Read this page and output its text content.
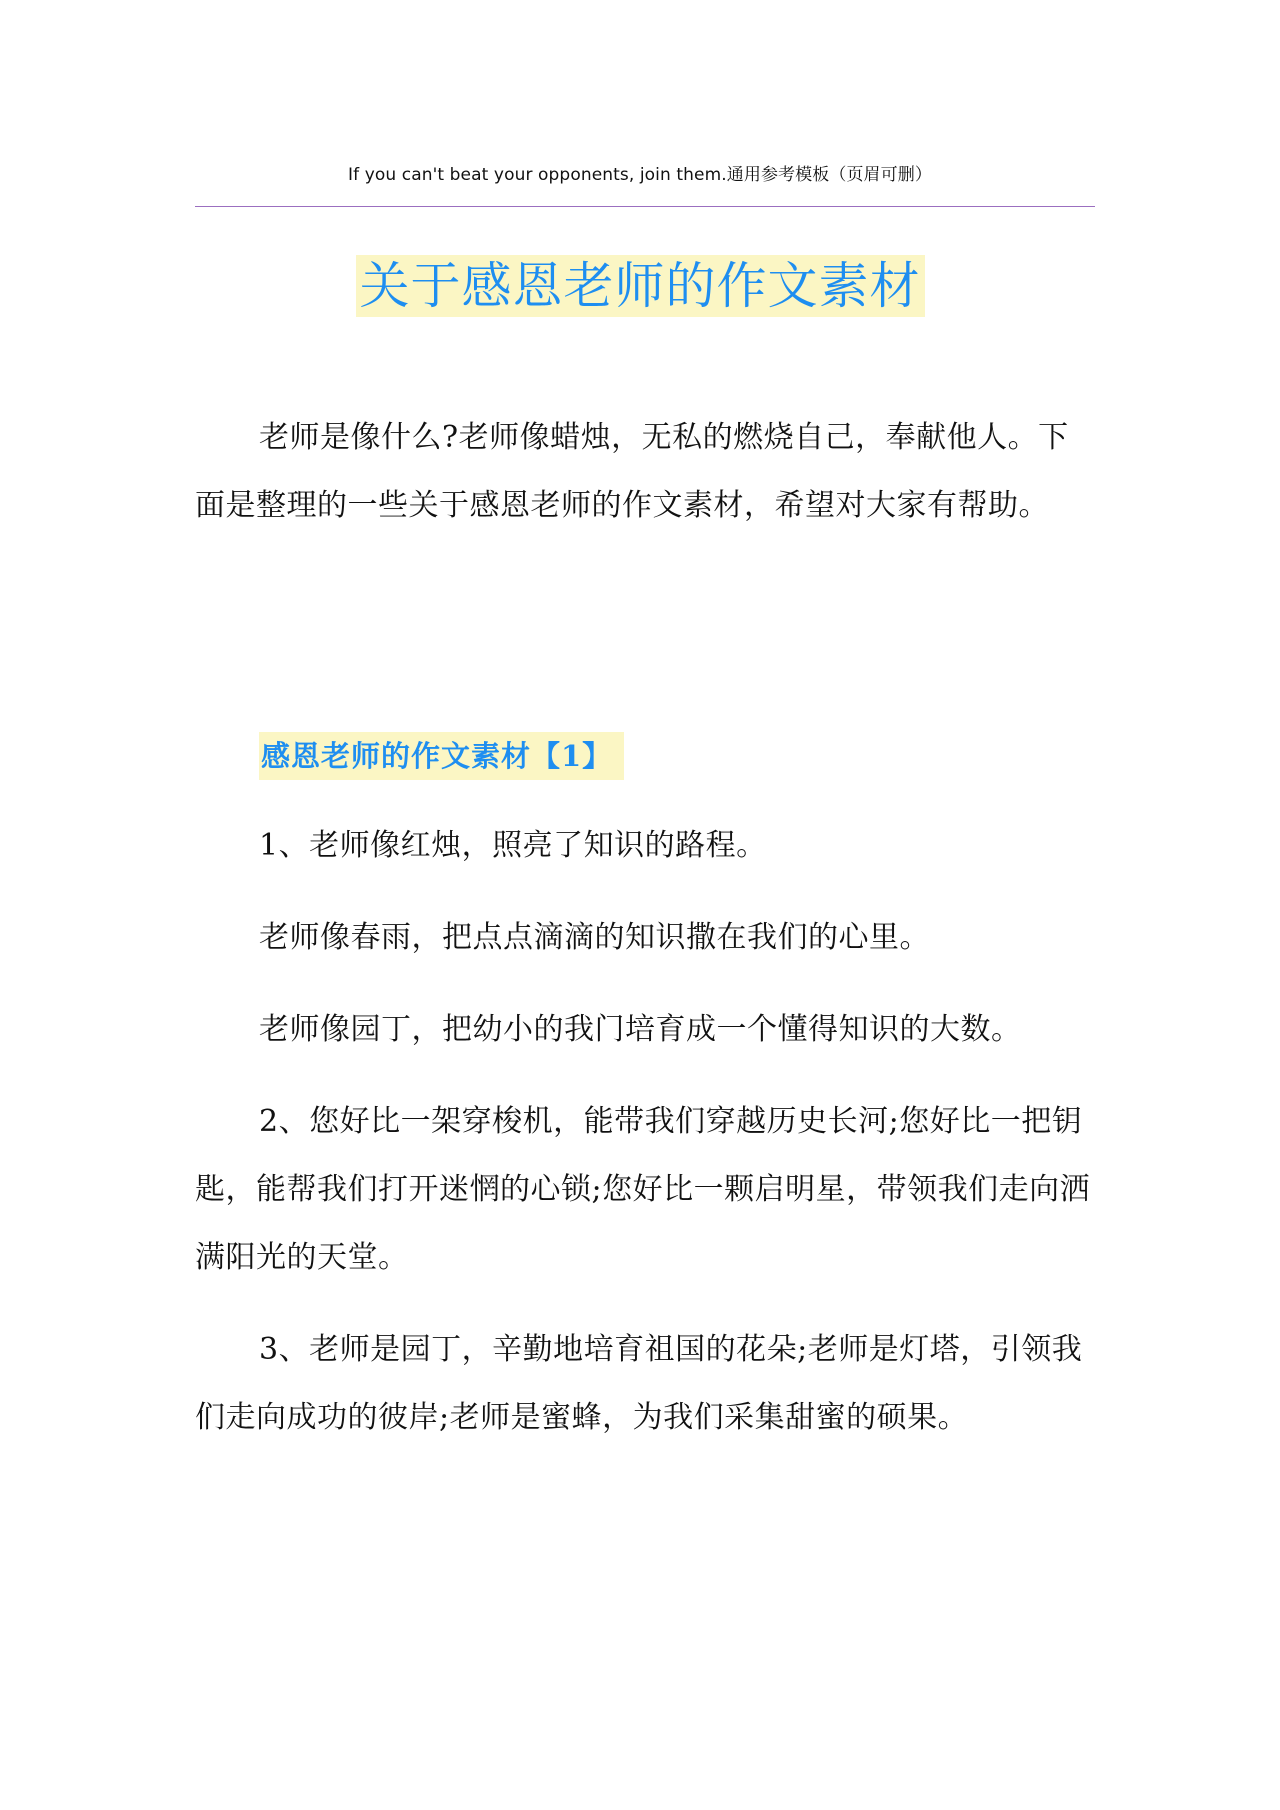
If you can't beat your opponents, join them.通用参考模板（页眉可删）
关于感恩老师的作文素材
老师是像什么?老师像蜡烛，无私的燃烧自己，奉献他人。下面是整理的一些关于感恩老师的作文素材，希望对大家有帮助。
感恩老师的作文素材【1】
1、老师像红烛，照亮了知识的路程。
老师像春雨，把点点滴滴的知识撒在我们的心里。
老师像园丁，把幼小的我门培育成一个懂得知识的大数。
2、您好比一架穿梭机，能带我们穿越历史长河;您好比一把钥匙，能帮我们打开迷惘的心锁;您好比一颗启明星，带领我们走向洒满阳光的天堂。
3、老师是园丁，辛勤地培育祖国的花朵;老师是灯塔，引领我们走向成功的彼岸;老师是蜜蜂，为我们采集甜蜜的硕果。
